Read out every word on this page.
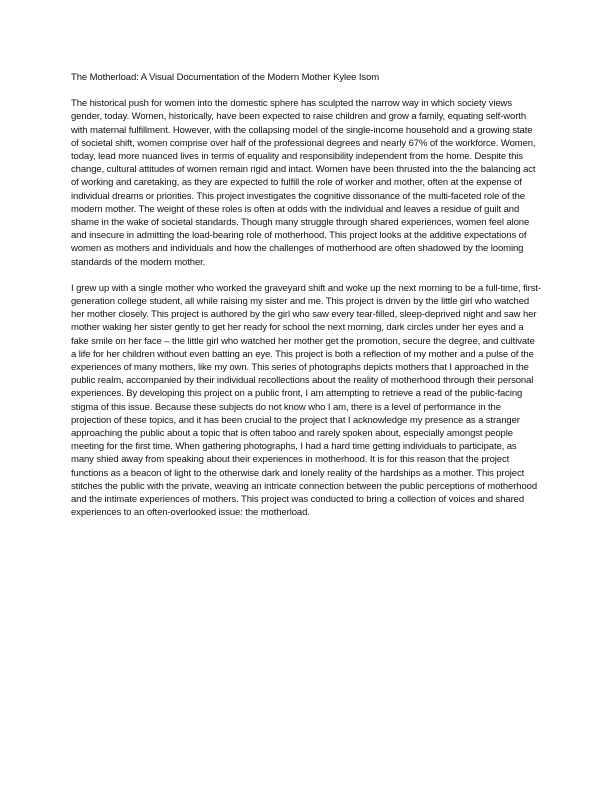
The Motherload: A Visual Documentation of the Modern Mother Kylee Isom

The historical push for women into the domestic sphere has sculpted the narrow way in which society views gender, today. Women, historically, have been expected to raise children and grow a family, equating self-worth with maternal fulfillment. However, with the collapsing model of the single-income household and a growing state of societal shift, women comprise over half of the professional degrees and nearly 67% of the workforce. Women, today, lead more nuanced lives in terms of equality and responsibility independent from the home. Despite this change, cultural attitudes of women remain rigid and intact. Women have been thrusted into the the balancing act of working and caretaking, as they are expected to fulfill the role of worker and mother, often at the expense of individual dreams or priorities. This project investigates the cognitive dissonance of the multi-faceted role of the modern mother. The weight of these roles is often at odds with the individual and leaves a residue of guilt and shame in the wake of societal standards. Though many struggle through shared experiences, women feel alone and insecure in admitting the load-bearing role of motherhood. This project looks at the additive expectations of women as mothers and individuals and how the challenges of motherhood are often shadowed by the looming standards of the modern mother.

I grew up with a single mother who worked the graveyard shift and woke up the next morning to be a full-time, first-generation college student, all while raising my sister and me. This project is driven by the little girl who watched her mother closely. This project is authored by the girl who saw every tear-filled, sleep-deprived night and saw her mother waking her sister gently to get her ready for school the next morning, dark circles under her eyes and a fake smile on her face – the little girl who watched her mother get the promotion, secure the degree, and cultivate a life for her children without even batting an eye. This project is both a reflection of my mother and a pulse of the experiences of many mothers, like my own. This series of photographs depicts mothers that I approached in the public realm, accompanied by their individual recollections about the reality of motherhood through their personal experiences. By developing this project on a public front, I am attempting to retrieve a read of the public-facing stigma of this issue. Because these subjects do not know who I am, there is a level of performance in the projection of these topics, and it has been crucial to the project that I acknowledge my presence as a stranger approaching the public about a topic that is often taboo and rarely spoken about, especially amongst people meeting for the first time. When gathering photographs, I had a hard time getting individuals to participate, as many shied away from speaking about their experiences in motherhood. It is for this reason that the project functions as a beacon of light to the otherwise dark and lonely reality of the hardships as a mother. This project stitches the public with the private, weaving an intricate connection between the public perceptions of motherhood and the intimate experiences of mothers. This project was conducted to bring a collection of voices and shared experiences to an often-overlooked issue: the motherload.
